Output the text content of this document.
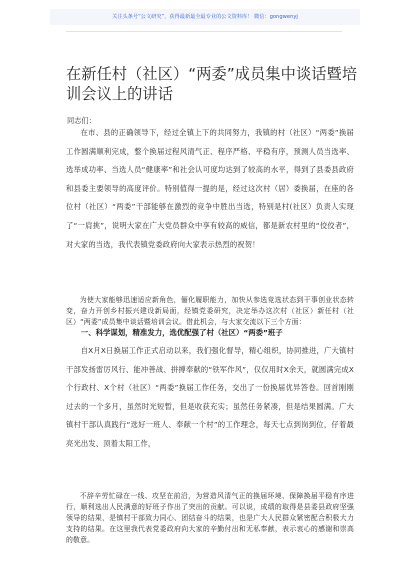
关注头条号“公文研究”，获得最新最全最专业的公文资料库！ 微信：gongwenyj
在新任村（社区）“两委”成员集中谈话暨培训会议上的讲话
同志们：

在市、县的正确领导下，经过全镇上下的共同努力，我镇的村（社区）“两委”换届工作圆满顺利完成，整个换届过程风清气正、程序严格、平稳有序，预测人员当选率、选举成功率、当选人员“健康率”和社会认可度均达到了较高的水平，得到了县委县政府和县委主要领导的高度评价。特别值得一提的是，经过这次村（居）委换届，在座的各位村（社区）“两委”干部能够在激烈的竞争中胜出当选，特别是村(社区）负责人实现了“一肩挑”，说明大家在广大党员群众中享有较高的威信，都是新农村里的“佼佼者”，对大家的当选，我代表镇党委政府向大家表示热烈的祝贺！

为使大家能够迅速适应新角色，俪化履职能力，加快从参选竞选状态到干事创业状态转变，奋力开创乡村振兴建设新局面，经镇党委研究，决定举办这次村（社区）新任村（社区）“两委”成员集中谈话暨培训会议。借此机会，与大家交流以下三个方面：

一、科学谋划，精准发力，选优配强了村（社区）“两委”班子

自X月X日换届工作正式启动以来，我们强化督导，精心组织，协同推进，广大镇村干部发扬雷厉风行、能冲善战、拼搏奉献的“铁军作风”，仅仅用时X余天，就圆满完成X个行政村、X个村（社区）“两委”换届工作任务，交出了一份换届优异答卷。回首刚刚过去的一个多月，虽然时光短暂，但是收获充实；虽然任务紧凑，但是结果圆满。广大镇村干部认真践行“选好一班人、奉献一个村”的工作理念，每天七点到岗到位，仔着最亮光出发、顶着太阳工作，

不辞辛劳忙碌在一线、攻坚在前沿，为营造风清气正的换届环境、保障换届平稳有序进行，顺利选出人民满意的好班子作出了突出的贡献。可以说，成绩的取得是县委县政府坚强领导的结果，是镇村干部致力同心、团结奋斗的结果，也是广大人民群众紧密配合积极大力支持的结果。在这里我代表党委政府向大家的辛勤付出和无私奉献，表示衷心的感谢和崇高的敬意。
